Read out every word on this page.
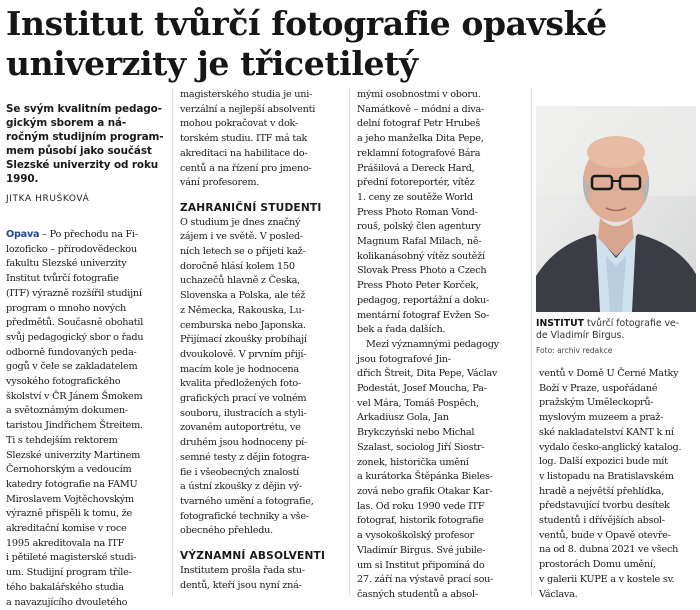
Institut tvůrčí fotografie opavské
univerzity je třicetiletý
Se svým kvalitním pedago-
gickým sborem a ná-
ročným studijním program-
mem působí jako součást
Slezské univerzity od roku
1990.
JITKA HRUŠKOVÁ

Opava – Po přechodu na Fi-

lozoficko – přírodovědeckou

fakultu Slezské univerzity

Institut tvůrčí fotografie

(ITF) výrazně rozšířil studijní

program o mnoho nových

předmětů. Současně obohatil

svůj pedagogický sbor o řadu

odborně fundovaných peda-

gogů v čele se zakladatelem

vysokého fotografického

školství v ČR Jánem Šmokem

a světoznámým dokumen-

taristou Jindřichem Štreitem.

Ti s tehdejším rektorem

Slezské univerzity Martinem

Černohorským a vedoucím

katedry fotografie na FAMU

Miroslavem Vojtěchovským

výrazně přispěli k tomu, že

akreditační komise v roce

1995 akreditovala na ITF

i pětileté magisterské studi-

um. Studijní program tříle-

tého bakalářského studia

a navazujícího dvouletého

magisterského studia je uni-

verzální a nejlepší absolventi

mohou pokračovat v dok-

torském studiu. ITF má tak

akreditaci na habilitace do-

centů a na řízení pro jmeno-

vání profesorem.

ZAHRANIČNÍ STUDENTI

O studium je dnes značný

zájem i ve světě. V posled-

ních letech se o přijetí kaž-

doročně hlásí kolem 150

uchazečů hlavně z Česka,

Slovenska a Polska, ale též

z Německa, Rakouska, Lu-

cemburska nebo Japonska.

Přijímací zkoušky probíhají

dvoukolově. V prvním přijí-

macím kole je hodnocena

kvalita předložených foto-

grafických prací ve volném

souboru, ilustracích a styli-

zovaném autoportrétu, ve

druhém jsou hodnoceny pí-

semné testy z dějin fotogra-

fie i všeobecných znalostí

a ústní zkoušky z dějin vý-

tvarného umění a fotografie,

fotografické techniky a vše-

obecného přehledu.

VÝZNAMNÍ ABSOLVENTI

Institutem prošla řada stu-

dentů, kteří jsou nyní zná-

mými osobnostmi v oboru.

Namátkově – módní a diva-

delní fotograf Petr Hrubeš

a jeho manželka Dita Pepe,

reklamní fotografové Bára

Prášilová a Dereck Hard,

přední fotoreportér, vítěz

1. ceny ze soutěže World

Press Photo Roman Vond-

rouš, polský člen agentury

Magnum Rafal Milach, ně-

kolikanásobný vítěz soutěží

Slovak Press Photo a Czech

Press Photo Peter Korček,

pedagog, reportážní a doku-

mentární fotograf Evžen So-

bek a řada dalších.

Mezi významnými pedagogy

jsou fotografové Jin-

dřich Štreit, Dita Pepe, Václav

Podestát, Josef Moucha, Pa-

vel Mára, Tomáš Pospěch,

Arkadiusz Gola, Jan

Brykczyński nebo Michal

Szalast, sociolog Jiří Siostr-

zonek, historička umění

a kurátorka Štěpánka Bieles-

zová nebo grafik Otakar Kar-

las. Od roku 1990 vede ITF

fotograf, historik fotografie

a vysokoškolský profesor

Vladimír Birgus. Své jubile-

um si Institut připomíná do

27. září na výstavě prací sou-

časných studentů a absol-

INSTITUT tvůrčí fotografie ve-
de Vladimír Birgus.
Foto: archiv redakce

ventů v Domě U Černé Matky

Boží v Praze, uspořádané

pražským Uměleckoprů-

myslovým muzeem a praž-

ské nakladatelství KANT k ní

vydalo česko-anglický katalog.

log. Další expozici bude mít

v listopadu na Bratislavském

hradě a největší přehlídka,

představující tvorbu desítek

studentů i dřívějších absol-

ventů, bude v Opavě otevře-

na od 8. dubna 2021 ve všech

prostorách Domu umění,

v galerii KUPE a v kostele sv.

Václava.
